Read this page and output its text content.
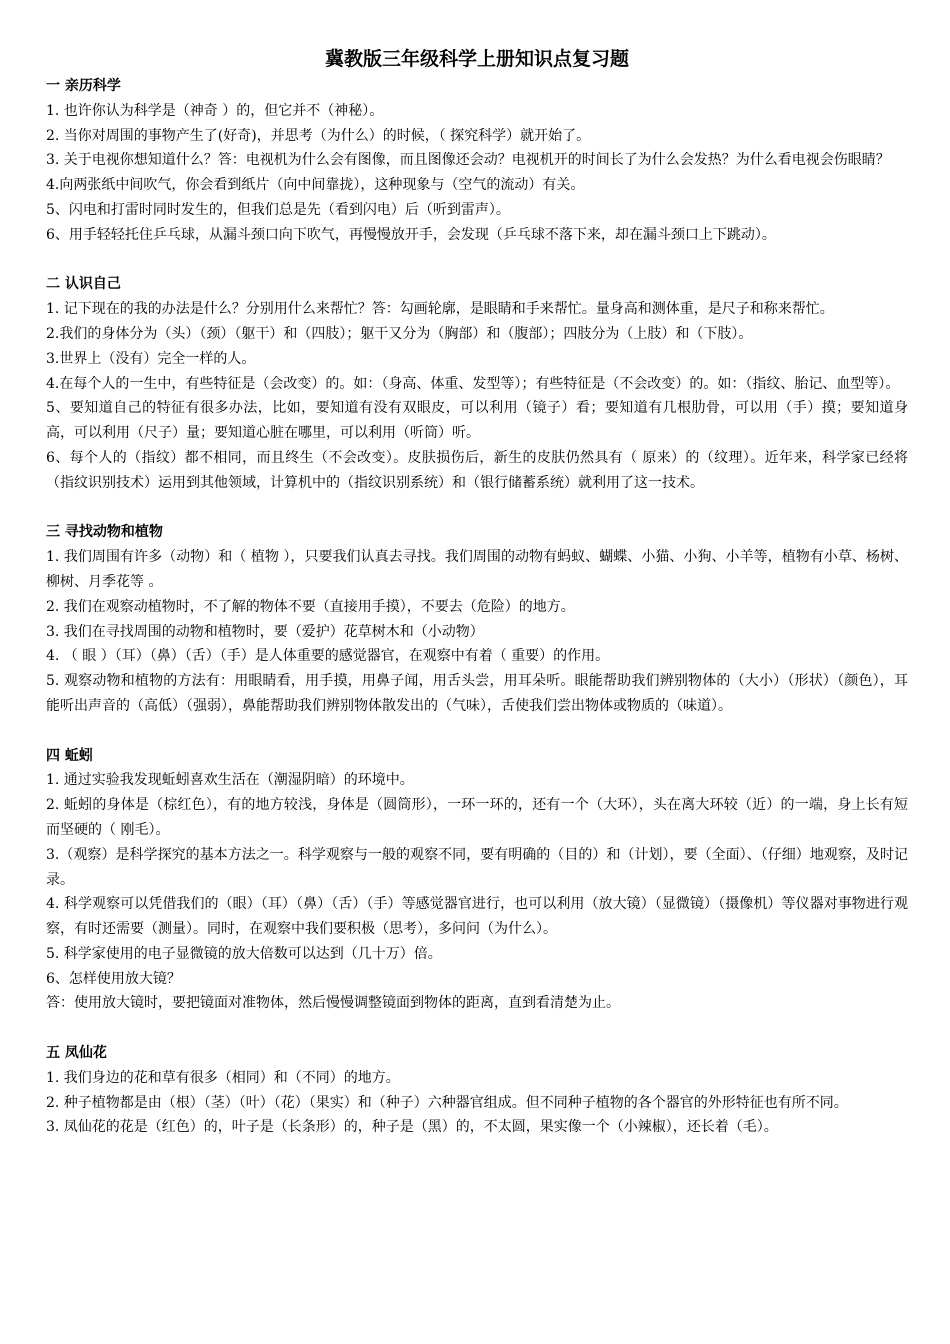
冀教版三年级科学上册知识点复习题

一 亲历科学

1. 也许你认为科学是（神奇 ）的，但它并不（神秘）。

2. 当你对周围的事物产生了(好奇)，并思考（为什么）的时候，（ 探究科学）就开始了。

3. 关于电视你想知道什么？答：电视机为什么会有图像，而且图像还会动？电视机开的时间长了为什么会发热？为什么看电视会伤眼睛？

4.向两张纸中间吹气，你会看到纸片（向中间靠拢），这种现象与（空气的流动）有关。

5、闪电和打雷时同时发生的，但我们总是先（看到闪电）后（听到雷声）。

6、用手轻轻托住乒乓球，从漏斗颈口向下吹气，再慢慢放开手，会发现（乒乓球不落下来，却在漏斗颈口上下跳动）。

二 认识自己

1. 记下现在的我的办法是什么？分别用什么来帮忙？答：勾画轮廓，是眼睛和手来帮忙。量身高和测体重，是尺子和称来帮忙。

2.我们的身体分为（头）（颈）（躯干）和（四肢）；躯干又分为（胸部）和（腹部）；四肢分为（上肢）和（下肢）。

3.世界上（没有）完全一样的人。

4.在每个人的一生中，有些特征是（会改变）的。如：（身高、体重、发型等）；有些特征是（不会改变）的。如：（指纹、胎记、血型等）。

5、要知道自己的特征有很多办法，比如，要知道有没有双眼皮，可以利用（镜子）看；要知道有几根肋骨，可以用（手）摸；要知道身高，可以利用（尺子）量；要知道心脏在哪里，可以利用（听筒）听。

6、每个人的（指纹）都不相同，而且终生（不会改变）。皮肤损伤后，新生的皮肤仍然具有（ 原来）的（纹理）。近年来，科学家已经将（指纹识别技术）运用到其他领域，计算机中的（指纹识别系统）和（银行储蓄系统）就利用了这一技术。

三 寻找动物和植物

1. 我们周围有许多（动物）和（ 植物 ），只要我们认真去寻找。我们周围的动物有蚂蚁、蝴蝶、小猫、小狗、小羊等，植物有小草、杨树、柳树、月季花等 。

2. 我们在观察动植物时，不了解的物体不要（直接用手摸），不要去（危险）的地方。

3. 我们在寻找周围的动物和植物时，要（爱护）花草树木和（小动物）

4. （ 眼 ）（耳）（鼻）（舌）（手）是人体重要的感觉器官，在观察中有着（ 重要）的作用。

5. 观察动物和植物的方法有：用眼睛看，用手摸，用鼻子闻，用舌头尝，用耳朵听。眼能帮助我们辨别物体的（大小）（形状）（颜色），耳能听出声音的（高低）（强弱），鼻能帮助我们辨别物体散发出的（气味），舌使我们尝出物体或物质的（味道）。

四 蚯蚓

1. 通过实验我发现蚯蚓喜欢生活在（潮湿阴暗）的环境中。

2. 蚯蚓的身体是（棕红色），有的地方较浅，身体是（圆筒形），一环一环的，还有一个（大环），头在离大环较（近）的一端，身上长有短而坚硬的（ 刚毛）。

3.（观察）是科学探究的基本方法之一。科学观察与一般的观察不同，要有明确的（目的）和（计划），要（全面）、（仔细）地观察，及时记录。

4. 科学观察可以凭借我们的（眼）（耳）（鼻）（舌）（手）等感觉器官进行，也可以利用（放大镜）（显微镜）（摄像机）等仪器对事物进行观察，有时还需要（测量）。同时，在观察中我们要积极（思考），多问问（为什么）。

5. 科学家使用的电子显微镜的放大倍数可以达到（几十万）倍。

6、怎样使用放大镜？

答：使用放大镜时，要把镜面对准物体，然后慢慢调整镜面到物体的距离，直到看清楚为止。

五 凤仙花

1. 我们身边的花和草有很多（相同）和（不同）的地方。

2. 种子植物都是由（根）（茎）（叶）（花）（果实）和（种子）六种器官组成。但不同种子植物的各个器官的外形特征也有所不同。

3. 凤仙花的花是（红色）的，叶子是（长条形）的，种子是（黑）的，不太圆，果实像一个（小辣椒），还长着（毛）。
